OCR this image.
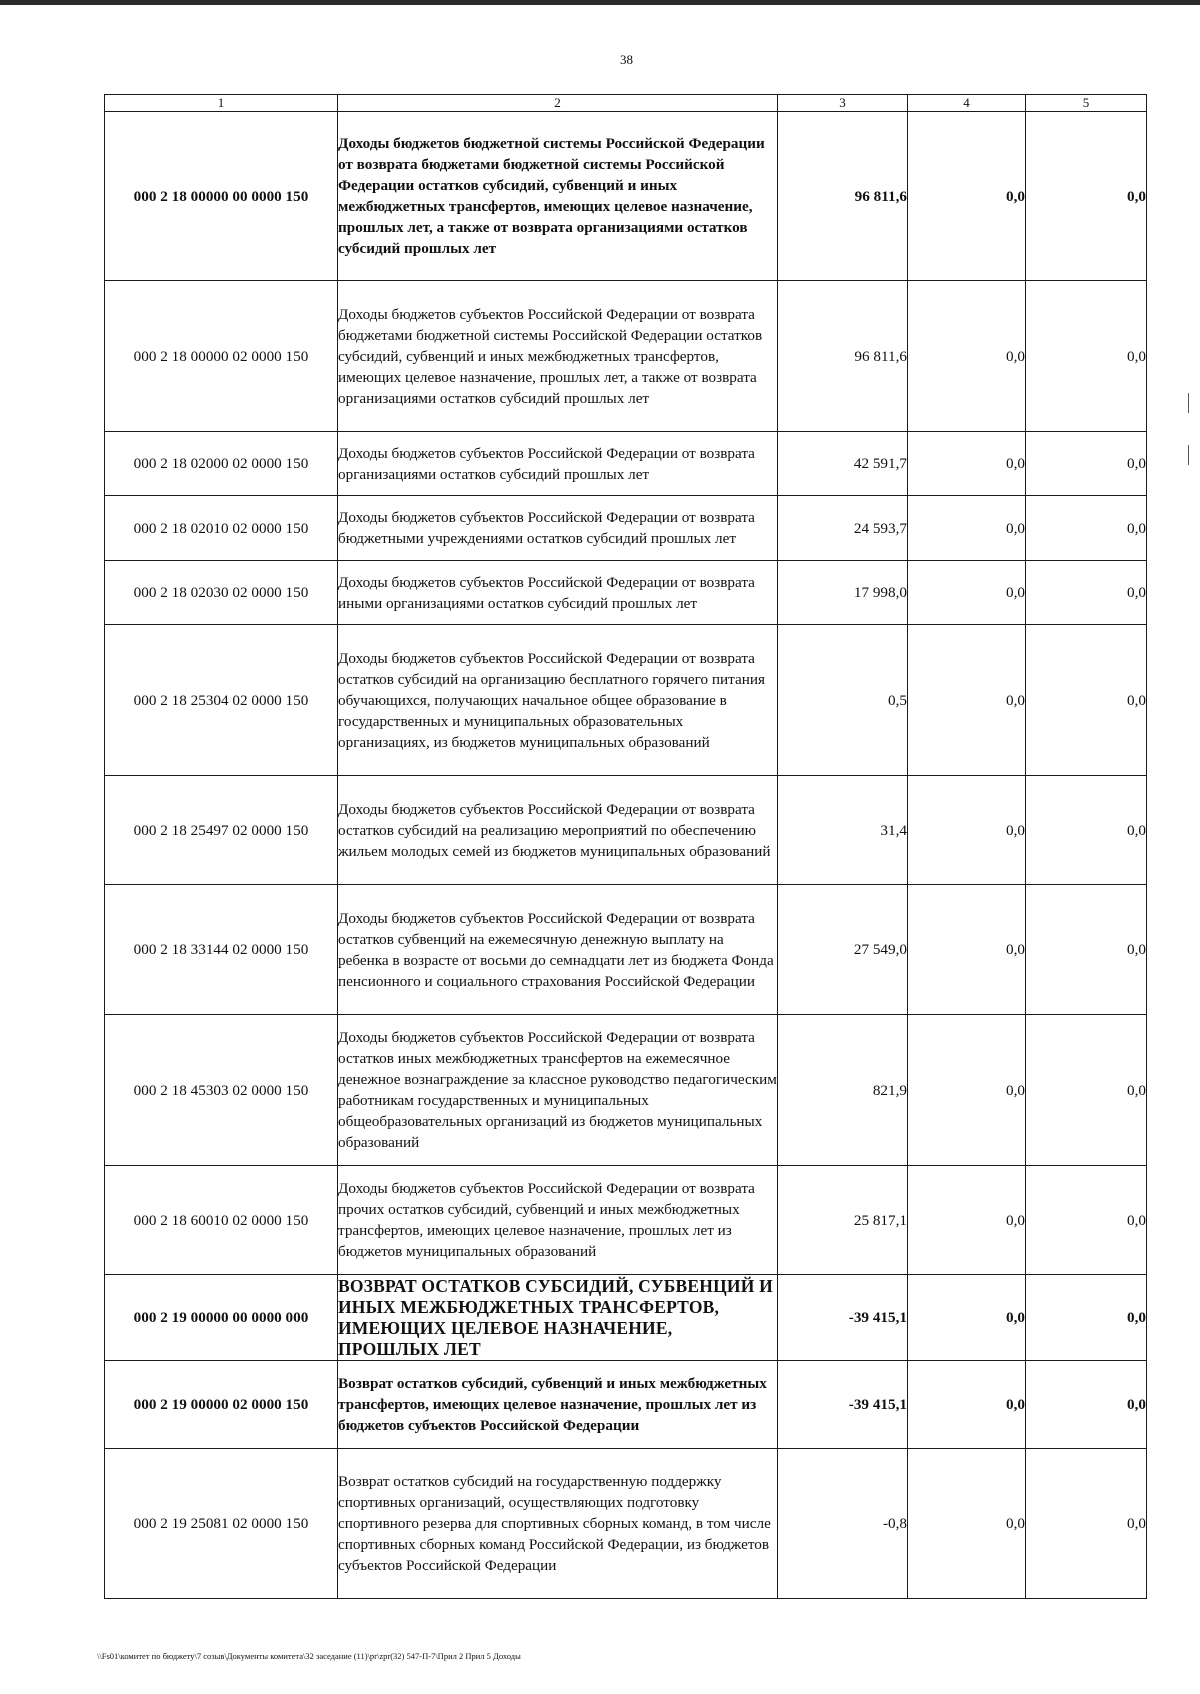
38
1	2	3	4	5
000 2 18 00000 00 0000 150	Доходы бюджетов бюджетной системы Российской Федерации от возврата бюджетами бюджетной системы Российской Федерации остатков субсидий, субвенций и иных межбюджетных трансфертов, имеющих целевое назначение, прошлых лет, а также от возврата организациями остатков субсидий прошлых лет	96 811,6	0,0	0,0
000 2 18 00000 02 0000 150	Доходы бюджетов субъектов Российской Федерации от возврата бюджетами бюджетной системы Российской Федерации остатков субсидий, субвенций и иных межбюджетных трансфертов, имеющих целевое назначение, прошлых лет, а также от возврата организациями остатков субсидий прошлых лет	96 811,6	0,0	0,0
000 2 18 02000 02 0000 150	Доходы бюджетов субъектов Российской Федерации от возврата организациями остатков субсидий прошлых лет	42 591,7	0,0	0,0
000 2 18 02010 02 0000 150	Доходы бюджетов субъектов Российской Федерации от возврата бюджетными учреждениями остатков субсидий прошлых лет	24 593,7	0,0	0,0
000 2 18 02030 02 0000 150	Доходы бюджетов субъектов Российской Федерации от возврата иными организациями остатков субсидий прошлых лет	17 998,0	0,0	0,0
000 2 18 25304 02 0000 150	Доходы бюджетов субъектов Российской Федерации от возврата остатков субсидий на организацию бесплатного горячего питания обучающихся, получающих начальное общее образование в государственных и муниципальных образовательных организациях, из бюджетов муниципальных образований	0,5	0,0	0,0
000 2 18 25497 02 0000 150	Доходы бюджетов субъектов Российской Федерации от возврата остатков субсидий на реализацию мероприятий по обеспечению жильем молодых семей из бюджетов муниципальных образований	31,4	0,0	0,0
000 2 18 33144 02 0000 150	Доходы бюджетов субъектов Российской Федерации от возврата остатков субвенций на ежемесячную денежную выплату на ребенка в возрасте от восьми до семнадцати лет из бюджета Фонда пенсионного и социального страхования Российской Федерации	27 549,0	0,0	0,0
000 2 18 45303 02 0000 150	Доходы бюджетов субъектов Российской Федерации от возврата остатков иных межбюджетных трансфертов на ежемесячное денежное вознаграждение за классное руководство педагогическим работникам государственных и муниципальных общеобразовательных организаций из бюджетов муниципальных образований	821,9	0,0	0,0
000 2 18 60010 02 0000 150	Доходы бюджетов субъектов Российской Федерации от возврата прочих остатков субсидий, субвенций и иных межбюджетных трансфертов, имеющих целевое назначение, прошлых лет из бюджетов муниципальных образований	25 817,1	0,0	0,0
000 2 19 00000 00 0000 000	ВОЗВРАТ ОСТАТКОВ СУБСИДИЙ, СУБВЕНЦИЙ И ИНЫХ МЕЖБЮДЖЕТНЫХ ТРАНСФЕРТОВ, ИМЕЮЩИХ ЦЕЛЕВОЕ НАЗНАЧЕНИЕ, ПРОШЛЫХ ЛЕТ	-39 415,1	0,0	0,0
000 2 19 00000 02 0000 150	Возврат остатков субсидий, субвенций и иных межбюджетных трансфертов, имеющих целевое назначение, прошлых лет из бюджетов субъектов Российской Федерации	-39 415,1	0,0	0,0
000 2 19 25081 02 0000 150	Возврат остатков субсидий на государственную поддержку спортивных организаций, осуществляющих подготовку спортивного резерва для спортивных сборных команд, в том числе спортивных сборных команд Российской Федерации, из бюджетов субъектов Российской Федерации	-0,8	0,0	0,0
\\Fs01\комитет по бюджету\7 созыв\Документы комитета\32 заседание (11)\pr\zpr(32) 547-П-7\Прил 2 Прил 5 Доходы
